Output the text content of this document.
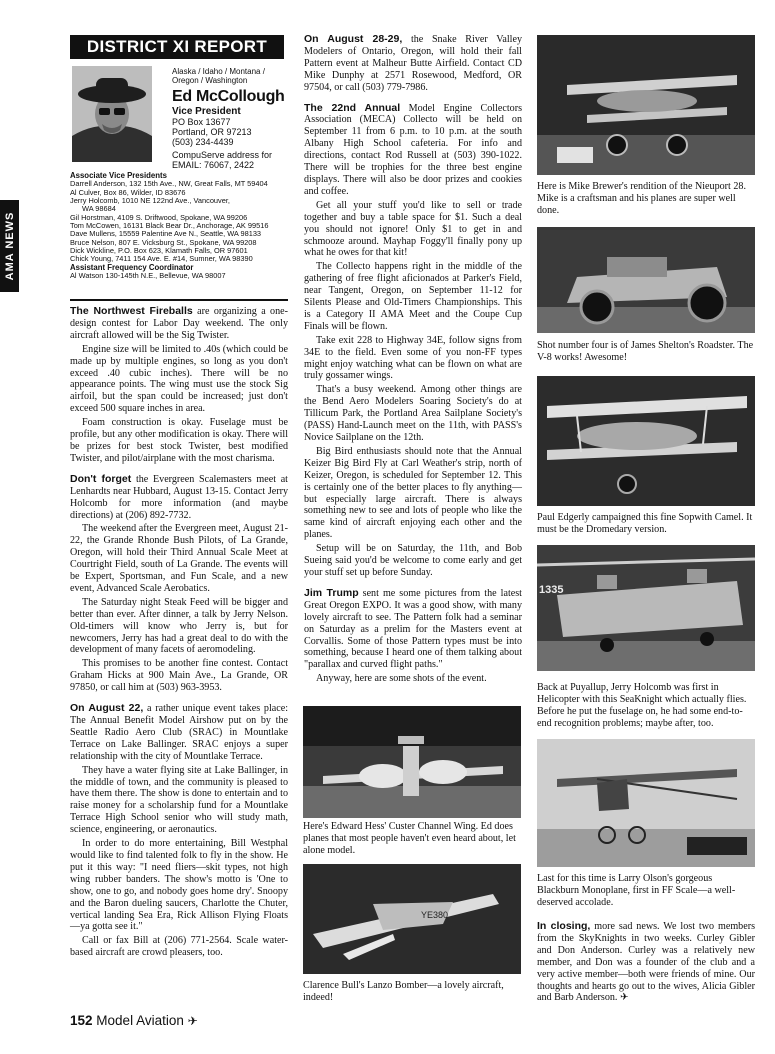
AMA NEWS
DISTRICT XI REPORT
Alaska / Idaho / Montana /
Oregon / Washington
Ed McCollough
Vice President
PO Box 13677
Portland, OR 97213
(503) 234-4439
CompuServe address for
EMAIL: 76067, 2422
Associate Vice Presidents
Darrell Anderson, 132 15th Ave., NW, Great Falls, MT 59404
Al Culver, Box 86, Wilder, ID 83676
Jerry Holcomb, 1010 NE 122nd Ave., Vancouver,
WA 98684
Gil Horstman, 4109 S. Driftwood, Spokane, WA 99206
Tom McCowen, 16131 Black Bear Dr., Anchorage, AK 99516
Dave Mullens, 15559 Palentine Ave N., Seattle, WA 98133
Bruce Nelson, 807 E. Vicksburg St., Spokane, WA 99208
Dick Wickline, P.O. Box 623, Klamath Falls, OR 97601
Chick Young, 7411 154 Ave. E. #14, Sumner, WA 98390
Assistant Frequency Coordinator
Al Watson 130-145th N.E., Bellevue, WA 98007

The Northwest Fireballs are organizing a one-design contest for Labor Day weekend. The only aircraft allowed will be the Sig Twister.

Engine size will be limited to .40s (which could be made up by multiple engines, so long as you don't exceed .40 cubic inches). There will be no appearance points. The wing must use the stock Sig airfoil, but the span could be increased; just don't exceed 500 square inches in area.

Foam construction is okay. Fuselage must be profile, but any other modification is okay. There will be prizes for best stock Twister, best modified Twister, and pilot/airplane with the most charisma.

Don't forget the Evergreen Scalemasters meet at Lenhardts near Hubbard, August 13-15. Contact Jerry Holcomb for more information (and maybe directions) at (206) 892-7732.

The weekend after the Evergreen meet, August 21-22, the Grande Rhonde Bush Pilots, of La Grande, Oregon, will hold their Third Annual Scale Meet at Courtright Field, south of La Grande. The events will be Expert, Sportsman, and Fun Scale, and a new event, Advanced Scale Aerobatics.

The Saturday night Steak Feed will be bigger and better than ever. After dinner, a talk by Jerry Nelson. Old-timers will know who Jerry is, but for newcomers, Jerry has had a great deal to do with the development of many facets of aeromodeling.

This promises to be another fine contest. Contact Graham Hicks at 900 Main Ave., La Grande, OR 97850, or call him at (503) 963-3953.

On August 22, a rather unique event takes place: The Annual Benefit Model Airshow put on by the Seattle Radio Aero Club (SRAC) in Mountlake Terrace on Lake Ballinger. SRAC enjoys a super relationship with the city of Mountlake Terrace.

They have a water flying site at Lake Ballinger, in the middle of town, and the community is pleased to have them there. The show is done to entertain and to raise money for a scholarship fund for a Mountlake Terrace High School senior who will study math, science, engineering, or aeronautics.

In order to do more entertaining, Bill Westphal would like to find talented folk to fly in the show. He put it this way: "I need fliers—skit types, not high wing rubber banders. The show's motto is 'One to show, one to go, and nobody goes home dry'. Snoopy and the Baron dueling saucers, Charlotte the Chuter, vertical landing Sea Era, Rick Allison Flying Floats—ya gotta see it."

Call or fax Bill at (206) 771-2564. Scale water-based aircraft are crowd pleasers, too.

On August 28-29, the Snake River Valley Modelers of Ontario, Oregon, will hold their fall Pattern event at Malheur Butte Airfield. Contact CD Mike Dunphy at 2571 Rosewood, Medford, OR 97504, or call (503) 779-7986.

The 22nd Annual Model Engine Collectors Association (MECA) Collecto will be held on September 11 from 6 p.m. to 10 p.m. at the south Albany High School cafeteria. For info and directions, contact Rod Russell at (503) 390-1022. There will be trophies for the three best engine displays. There will also be door prizes and cookies and coffee.

Get all your stuff you'd like to sell or trade together and buy a table space for $1. Such a deal you should not ignore! Only $1 to get in and schmooze around. Mayhap Foggy'll finally pony up what he owes for that kit!

The Collecto happens right in the middle of the gathering of free flight aficionados at Parker's Field, near Tangent, Oregon, on September 11-12 for Silents Please and Old-Timers Championships. This is a Category II AMA Meet and the Coupe Cup Finals will be flown.

Take exit 228 to Highway 34E, follow signs from 34E to the field. Even some of you non-FF types might enjoy watching what can be flown on what are truly gossamer wings.

That's a busy weekend. Among other things are the Bend Aero Modelers Soaring Society's do at Tillicum Park, the Portland Area Sailplane Society's (PASS) Hand-Launch meet on the 11th, with PASS's Novice Sailplane on the 12th.

Big Bird enthusiasts should note that the Annual Keizer Big Bird Fly at Carl Weather's strip, north of Keizer, Oregon, is scheduled for September 12. This is certainly one of the better places to fly anything—but especially large aircraft. There is always something new to see and lots of people who like the same kind of aircraft enjoying each other and the planes.

Setup will be on Saturday, the 11th, and Bob Sueing said you'd be welcome to come early and get your stuff set up before Sunday.

Jim Trump sent me some pictures from the latest Great Oregon EXPO. It was a good show, with many lovely aircraft to see. The Pattern folk had a seminar on Saturday as a prelim for the Masters event at Corvallis. Some of those Pattern types must be into something, because I heard one of them talking about "parallax and curved flight paths."

Anyway, here are some shots of the event.

Here's Edward Hess' Custer Channel Wing. Ed does planes that most people haven't even heard about, let alone model.
YE380
Clarence Bull's Lanzo Bomber—a lovely aircraft, indeed!
Here is Mike Brewer's rendition of the Nieuport 28. Mike is a craftsman and his planes are super well done.
Shot number four is of James Shelton's Roadster. The V-8 works! Awesome!
Paul Edgerly campaigned this fine Sopwith Camel. It must be the Dromedary version.
1335
Back at Puyallup, Jerry Holcomb was first in Helicopter with this SeaKnight which actually flies. Before he put the fuselage on, he had some end-to-end recognition problems; maybe after, too.
Last for this time is Larry Olson's gorgeous Blackburn Monoplane, first in FF Scale—a well-deserved accolade.

In closing, more sad news. We lost two members from the SkyKnights in two weeks. Curley Gibler and Don Anderson. Curley was a relatively new member, and Don was a founder of the club and a very active member—both were friends of mine. Our thoughts and hearts go out to the wives, Alicia Gibler and Barb Anderson. ✈

152 Model Aviation ✈
